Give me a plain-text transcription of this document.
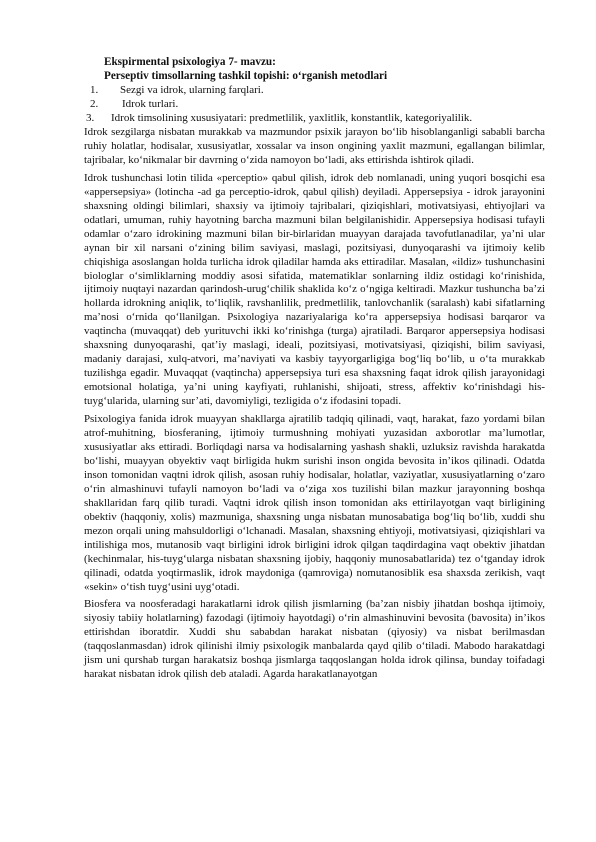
Ekspirmental psixologiya 7- mavzu:
Perseptiv timsollarning tashkil topishi: o‘rganish metodlari
1. Sezgi va idrok, ularning farqlari.
2. Idrok turlari.
3. Idrok timsolining xususiyatari: predmetlilik, yaxlitlik, konstantlik, kategoriyalilik.

Idrok sezgilarga nisbatan murakkab va mazmundor psixik jarayon bo‘lib hisoblanganligi sababli barcha ruhiy holatlar, hodisalar, xususiyatlar, xossalar va inson ongining yaxlit mazmuni, egallangan bilimlar, tajribalar, ko‘nikmalar bir davrning o‘zida namoyon bo‘ladi, aks ettirishda ishtirok qiladi.

Idrok tushunchasi lotin tilida «perceptio» qabul qilish, idrok deb nomlanadi, uning yuqori bosqichi esa «appersepsiya» (lotincha -ad ga perceptio-idrok, qabul qilish) deyiladi. Appersepsiya - idrok jarayonini shaxsning oldingi bilimlari, shaxsiy va ijtimoiy tajribalari, qiziqishlari, motivatsiyasi, ehtiyojlari va odatlari, umuman, ruhiy hayotning barcha mazmuni bilan belgilanishidir. Appersepsiya hodisasi tufayli odamlar o‘zaro idrokining mazmuni bilan bir-birlaridan muayyan darajada tavofutlanadilar, ya’ni ular aynan bir xil narsani o‘zining bilim saviyasi, maslagi, pozitsiyasi, dunyoqarashi va ijtimoiy kelib chiqishiga asoslangan holda turlicha idrok qiladilar hamda aks ettiradilar. Masalan, «ildiz» tushunchasini biologlar o‘simliklarning moddiy asosi sifatida, matematiklar sonlarning ildiz ostidagi ko‘rinishida, ijtimoiy nuqtayi nazardan qarindosh-urug‘chilik shaklida ko‘z o‘ngiga keltiradi. Mazkur tushuncha ba’zi hollarda idrokning aniqlik, to‘liqlik, ravshanlilik, predmetlilik, tanlovchanlik (saralash) kabi sifatlarning ma’nosi o‘rnida qo‘llanilgan. Psixologiya nazariyalariga ko‘ra appersepsiya hodisasi barqaror va vaqtincha (muvaqqat) deb yurituvchi ikki ko‘rinishga (turga) ajratiladi. Barqaror appersepsiya hodisasi shaxsning dunyoqarashi, qat’iy maslagi, ideali, pozitsiyasi, motivatsiyasi, qiziqishi, bilim saviyasi, madaniy darajasi, xulq-atvori, ma’naviyati va kasbiy tayyorgarligiga bog‘liq bo‘lib, u o‘ta murakkab tuzilishga egadir. Muvaqqat (vaqtincha) appersepsiya turi esa shaxsning faqat idrok qilish jarayonidagi emotsional holatiga, ya’ni uning kayfiyati, ruhlanishi, shijoati, stress, affektiv ko‘rinishdagi his-tuyg‘ularida, ularning sur’ati, davomiyligi, tezligida o‘z ifodasini topadi.

Psixologiya fanida idrok muayyan shakllarga ajratilib tadqiq qilinadi, vaqt, harakat, fazo yordami bilan atrof-muhitning, biosferaning, ijtimoiy turmushning mohiyati yuzasidan axborotlar ma’lumotlar, xususiyatlar aks ettiradi. Borliqdagi narsa va hodisalarning yashash shakli, uzluksiz ravishda harakatda bo‘lishi, muayyan obyektiv vaqt birligida hukm surishi inson ongida bevosita in’ikos qilinadi. Odatda inson tomonidan vaqtni idrok qilish, asosan ruhiy hodisalar, holatlar, vaziyatlar, xususiyatlarning o‘zaro o‘rin almashinuvi tufayli namoyon bo‘ladi va o‘ziga xos tuzilishi bilan mazkur jarayonning boshqa shakllaridan farq qilib turadi. Vaqtni idrok qilish inson tomonidan aks ettirilayotgan vaqt birligining obektiv (haqqoniy, xolis) mazmuniga, shaxsning unga nisbatan munosabatiga bog‘liq bo‘lib, xuddi shu mezon orqali uning mahsuldorligi o‘lchanadi. Masalan, shaxsning ehtiyoji, motivatsiyasi, qiziqishlari va intilishiga mos, mutanosib vaqt birligini idrok birligini idrok qilgan taqdirdagina vaqt obektiv jihatdan (kechinmalar, his-tuyg‘ularga nisbatan shaxsning ijobiy, haqqoniy munosabatlarida) tez o‘tganday idrok qilinadi, odatda yoqtirmaslik, idrok maydoniga (qamroviga) nomutanosiblik esa shaxsda zerikish, vaqt «sekin» o‘tish tuyg‘usini uyg‘otadi.

Biosfera va noosferadagi harakatlarni idrok qilish jismlarning (ba’zan nisbiy jihatdan boshqa ijtimoiy, siyosiy tabiiy holatlarning) fazodagi (ijtimoiy hayotdagi) o‘rin almashinuvini bevosita (bavosita) in’ikos ettirishdan iboratdir. Xuddi shu sababdan harakat nisbatan (qiyosiy) va nisbat berilmasdan (taqqoslanmasdan) idrok qilinishi ilmiy psixologik manbalarda qayd qilib o‘tiladi. Mabodo harakatdagi jism uni qurshab turgan harakatsiz boshqa jismlarga taqqoslangan holda idrok qilinsa, bunday toifadagi harakat nisbatan idrok qilish deb ataladi. Agarda harakatlanayotgan
